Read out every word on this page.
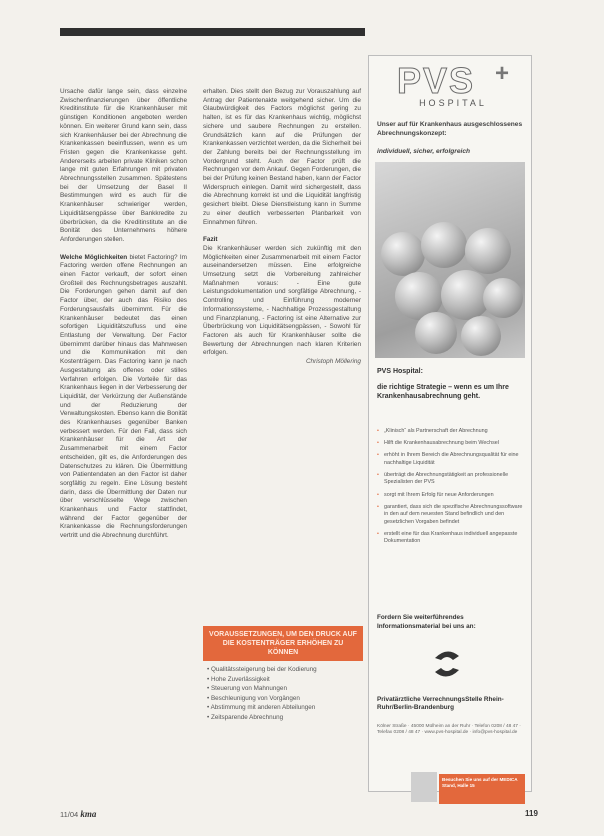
Ursache dafür lange sein, dass einzelne Zwischenfinanzierungen über öffentliche Kreditinstitute für die Krankenhäuser mit günstigen Konditionen angeboten werden können. Ein weiterer Grund kann sein, dass sich Krankenhäuser bei der Abrechnung die Krankenkassen beeinflussen, wenn es um Fristen gegen die Krankenkasse geht. Andererseits arbeiten private Kliniken schon lange mit guten Erfahrungen mit privaten Abrechnungsstellen zusammen. Spätestens bei der Umsetzung der Basel II Bestimmungen wird es auch für die Krankenhäuser schwieriger werden, Liquiditätsengpässe über Bankkredite zu überbrücken, da die Kreditinstitute an die Bonität des Unternehmens höhere Anforderungen stellen.

Welche Möglichkeiten bietet Factoring? Im Factoring werden offene Rechnungen an einen Factor verkauft, der sofort einen Großteil des Rechnungsbetrages auszahlt. Die Forderungen gehen damit auf den Factor über, der auch das Risiko des Forderungsausfalls übernimmt. Für die Krankenhäuser bedeutet das einen sofortigen Liquiditätszufluss und eine Entlastung der Verwaltung. Der Factor übernimmt darüber hinaus das Mahnwesen und die Kommunikation mit den Kostenträgern. Das Factoring kann je nach Ausgestaltung als offenes oder stilles Verfahren erfolgen. Die Vorteile für das Krankenhaus liegen in der Verbesserung der Liquidität, der Verkürzung der Außenstände und der Reduzierung der Verwaltungskosten. Ebenso kann die Bonität des Krankenhauses gegenüber Banken verbessert werden. Für den Fall, dass sich Krankenhäuser für die Art der Zusammenarbeit mit einem Factor entscheiden, gilt es, die Anforderungen des Datenschutzes zu klären. Die Übermittlung von Patientendaten an den Factor ist daher sorgfältig zu regeln. Eine Lösung besteht darin, dass die Übermittlung der Daten nur über verschlüsselte Wege zwischen Krankenhaus und Factor stattfindet, während der Factor gegenüber der Krankenkasse die Rechnungsforderungen vertritt und die Abrechnung durchführt.

erhalten. Dies stellt den Bezug zur Vorauszahlung auf Antrag der Patientenakte weitgehend sicher. Um die Glaubwürdigkeit des Factors möglichst gering zu halten, ist es für das Krankenhaus wichtig, möglichst sichere und saubere Rechnungen zu erstellen. Grundsätzlich kann auf die Prüfungen der Krankenkassen verzichtet werden, da die Sicherheit bei der Zahlung bereits bei der Rechnungsstellung im Vordergrund steht. Auch der Factor prüft die Rechnungen vor dem Ankauf. Gegen Forderungen, die bei der Prüfung keinen Bestand haben, kann der Factor Widerspruch einlegen. Damit wird sichergestellt, dass die Abrechnung korrekt ist und die Liquidität langfristig gesichert bleibt. Diese Dienstleistung kann in Summe zu einer deutlich verbesserten Planbarkeit von Einnahmen führen.

Fazit

Die Krankenhäuser werden sich zukünftig mit den Möglichkeiten einer Zusammenarbeit mit einem Factor auseinandersetzen müssen. Eine erfolgreiche Umsetzung setzt die Vorbereitung zahlreicher Maßnahmen voraus: - Eine gute Leistungsdokumentation und sorgfältige Abrechnung, - Controlling und Einführung moderner Informationssysteme, - Nachhaltige Prozessgestaltung und Finanzplanung, - Factoring ist eine Alternative zur Überbrückung von Liquiditätsengpässen, - Sowohl für Factoren als auch für Krankenhäuser sollte die Bewertung der Abrechnungen nach klaren Kriterien erfolgen.

Christoph Möllering

VORAUSSETZUNGEN, UM DEN DRUCK AUF DIE KOSTENTRÄGER ERHÖHEN ZU KÖNNEN
• Qualitätssteigerung bei der Kodierung
• Hohe Zuverlässigkeit
• Steuerung von Mahnungen
• Beschleunigung von Vorgängen
• Abstimmung mit anderen Abteilungen
• Zeitsparende Abrechnung
PVS +
HOSPITAL
Unser auf für Krankenhaus ausgeschlossenes Abrechnungskonzept:
individuell, sicher, erfolgreich
PVS Hospital:
die richtige Strategie – wenn es um Ihre Krankenhausabrechnung geht.
• „Klinisch“ als Partnerschaft der Abrechnung
• Hilft die Krankenhausabrechnung beim Wechsel
• erhöht in Ihrem Bereich die Abrechnungsqualität für eine nachhaltige Liquidität
• überträgt die Abrechnungstätigkeit an professionelle Spezialisten der PVS
• sorgt mit Ihrem Erfolg für neue Anforderungen
• garantiert, dass sich die spezifische Abrechnungssoftware in den auf dem neuesten Stand befindlich und den gesetzlichen Vorgaben befindet
• erstellt eine für das Krankenhaus individuell angepasste Dokumentation
Fordern Sie weiterführendes Informationsmaterial bei uns an:
Privatärztliche VerrechnungsStelle Rhein-Ruhr/Berlin-Brandenburg
Kölner Straße · 45000 Mülheim an der Ruhr · Telefon 0208 / 48 47 · Telefax 0208 / 48 47 · www.pvs-hospital.de · info@pvs-hospital.de
Besuchen Sie uns auf der MEDICA Stand, Halle 15
11/04 kma	119
